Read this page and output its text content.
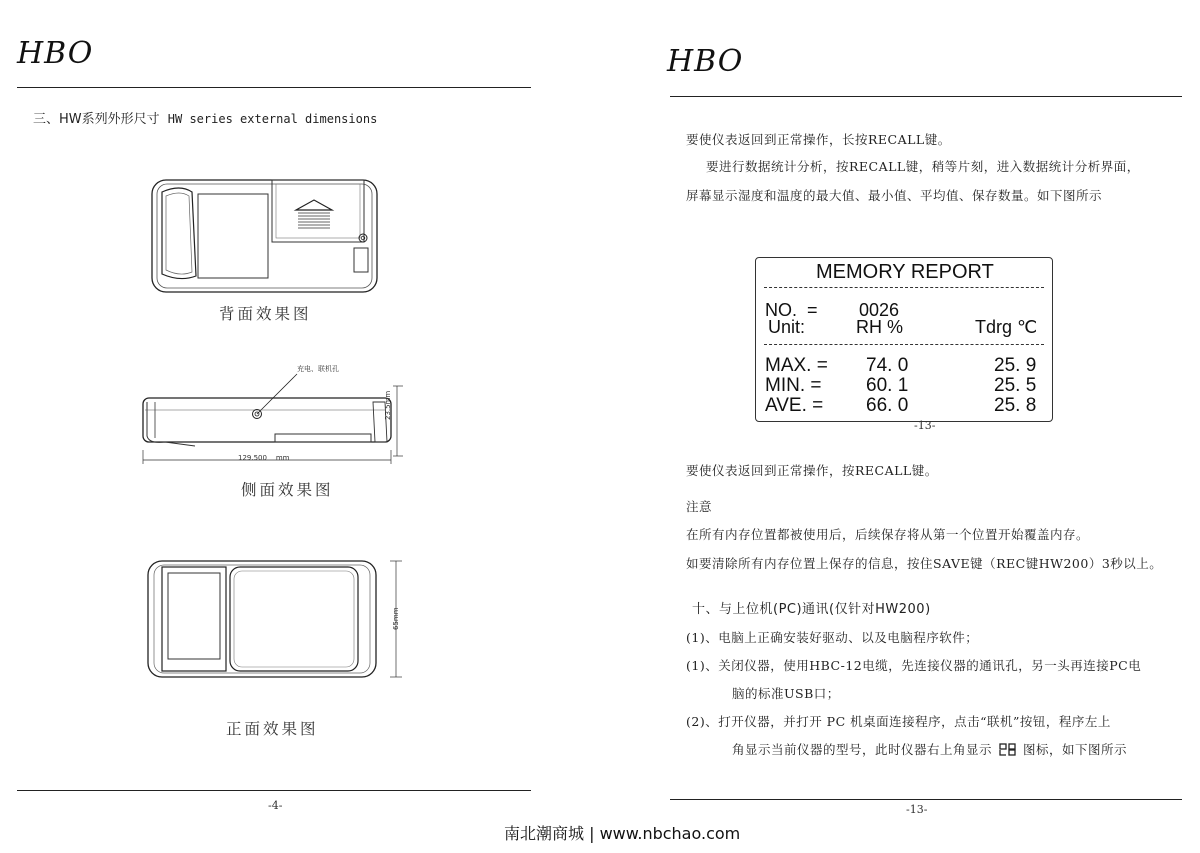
HBO
三、HW系列外形尺寸 HW series external dimensions
背面效果图
充电、联机孔
129.500    mm
23.5mm
侧面效果图
65mm
正面效果图
-4-
HBO
要使仪表返回到正常操作，长按RECALL键。
要进行数据统计分析，按RECALL键，稍等片刻，进入数据统计分析界面，
屏幕显示湿度和温度的最大值、最小值、平均值、保存数量。如下图所示
MEMORY REPORT
NO.  = 0026
Unit:	RH %	Tdrg ℃
MAX. = 74. 0	25. 9
MIN. = 60. 1	25. 5
AVE. = 66. 0	25. 8
-13-
要使仪表返回到正常操作，按RECALL键。
注意
在所有内存位置都被使用后，后续保存将从第一个位置开始覆盖内存。
如要清除所有内存位置上保存的信息，按住SAVE键（REC键HW200）3秒以上。
十、与上位机(PC)通讯(仅针对HW200)
(1)、电脑上正确安装好驱动、以及电脑程序软件；
(1)、关闭仪器，使用HBC-12电缆，先连接仪器的通讯孔，另一头再连接PC电
脑的标准USB口；
(2)、打开仪器，并打开 PC 机桌面连接程序，点击“联机”按钮，程序左上
角显示当前仪器的型号，此时仪器右上角显示 图标，如下图所示
-13-
南北潮商城 | www.nbchao.com
